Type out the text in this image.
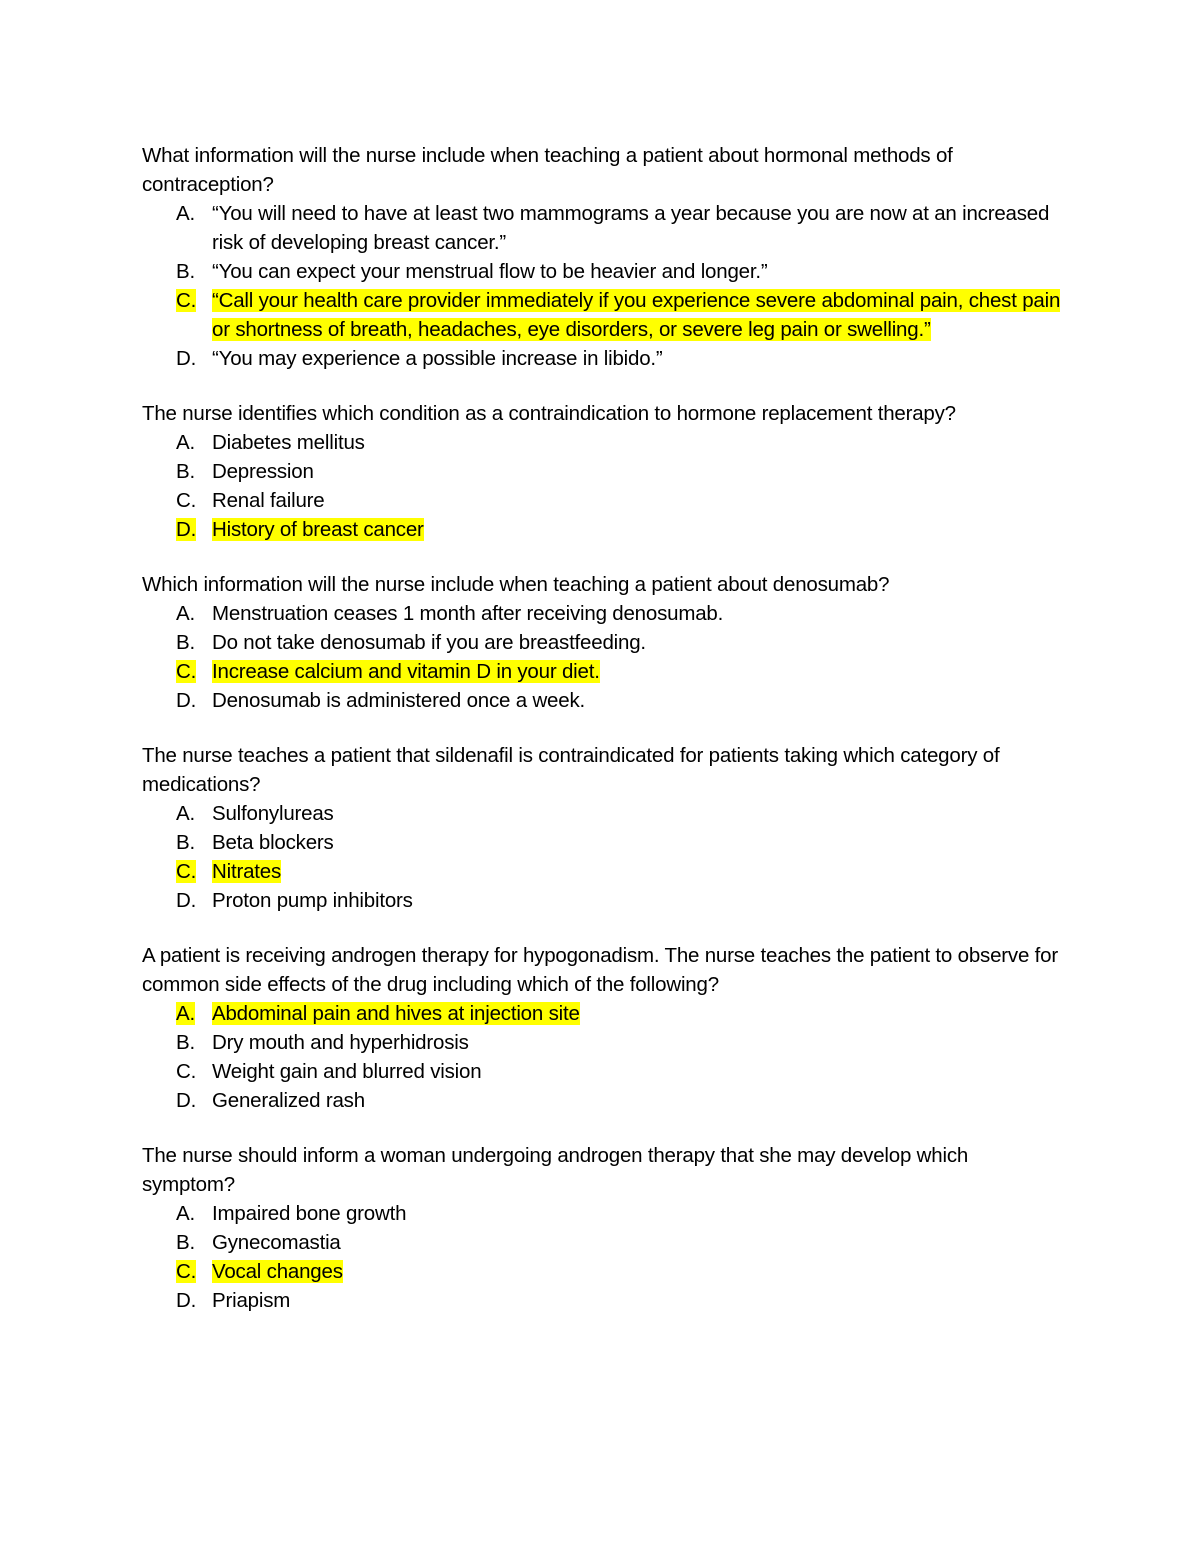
What information will the nurse include when teaching a patient about hormonal methods of contraception?

A. “You will need to have at least two mammograms a year because you are now at an increased risk of developing breast cancer.”
B. “You can expect your menstrual flow to be heavier and longer.”
C. “Call your health care provider immediately if you experience severe abdominal pain, chest pain or shortness of breath, headaches, eye disorders, or severe leg pain or swelling.”
D. “You may experience a possible increase in libido.”

The nurse identifies which condition as a contraindication to hormone replacement therapy?

A. Diabetes mellitus
B. Depression
C. Renal failure
D. History of breast cancer

Which information will the nurse include when teaching a patient about denosumab?

A. Menstruation ceases 1 month after receiving denosumab.
B. Do not take denosumab if you are breastfeeding.
C. Increase calcium and vitamin D in your diet.
D. Denosumab is administered once a week.

The nurse teaches a patient that sildenafil is contraindicated for patients taking which category of medications?

A. Sulfonylureas
B. Beta blockers
C. Nitrates
D. Proton pump inhibitors

A patient is receiving androgen therapy for hypogonadism. The nurse teaches the patient to observe for common side effects of the drug including which of the following?

A. Abdominal pain and hives at injection site
B. Dry mouth and hyperhidrosis
C. Weight gain and blurred vision
D. Generalized rash

The nurse should inform a woman undergoing androgen therapy that she may develop which symptom?

A. Impaired bone growth
B. Gynecomastia
C. Vocal changes
D. Priapism
